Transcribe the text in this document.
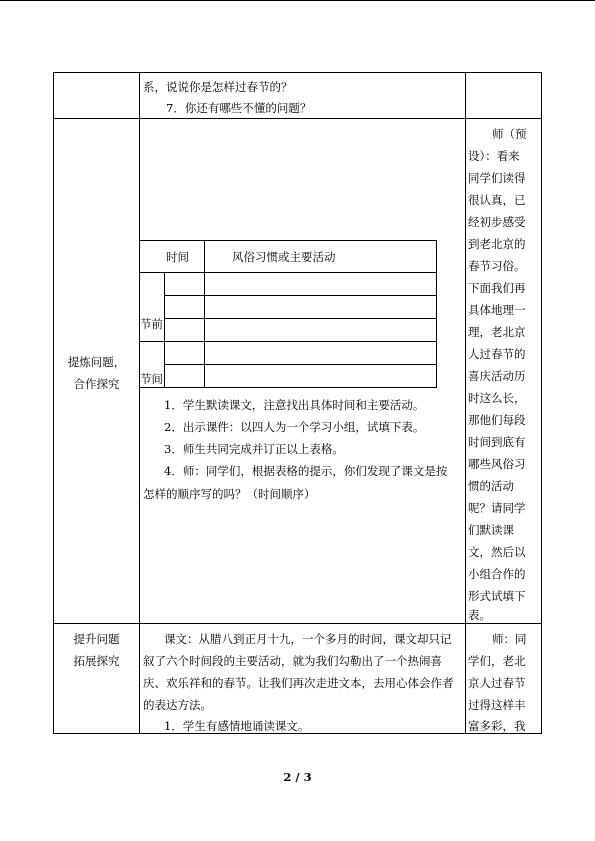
系，说说你是怎样过春节的？
7．你还有哪些不懂的问题？
提炼问题，
合作探究
时间	风俗习惯或主要活动
节前
节间
1．学生默读课文，注意找出具体时间和主要活动。
2．出示课件：以四人为一个学习小组，试填下表。
3．师生共同完成并订正以上表格。
4．师：同学们，根据表格的提示，你们发现了课文是按
怎样的顺序写的吗？（时间顺序）
师（预
设）：看来
同学们读得
很认真，已
经初步感受
到老北京的
春节习俗。
下面我们再
具体地理一
理，老北京
人过春节的
喜庆活动历
时这么长，
那他们每段
时间到底有
哪些风俗习
惯的活动
呢？请同学
们默读课
文，然后以
小组合作的
形式试填下
表。
提升问题
拓展探究
课文：从腊八到正月十九，一个多月的时间，课文却只记
叙了六个时间段的主要活动，就为我们勾勒出了一个热闹喜
庆、欢乐祥和的春节。让我们再次走进文本，去用心体会作者
的表达方法。
1．学生有感情地诵读课文。
师：同
学们，老北
京人过春节
过得这样丰
富多彩，我
2 / 3
